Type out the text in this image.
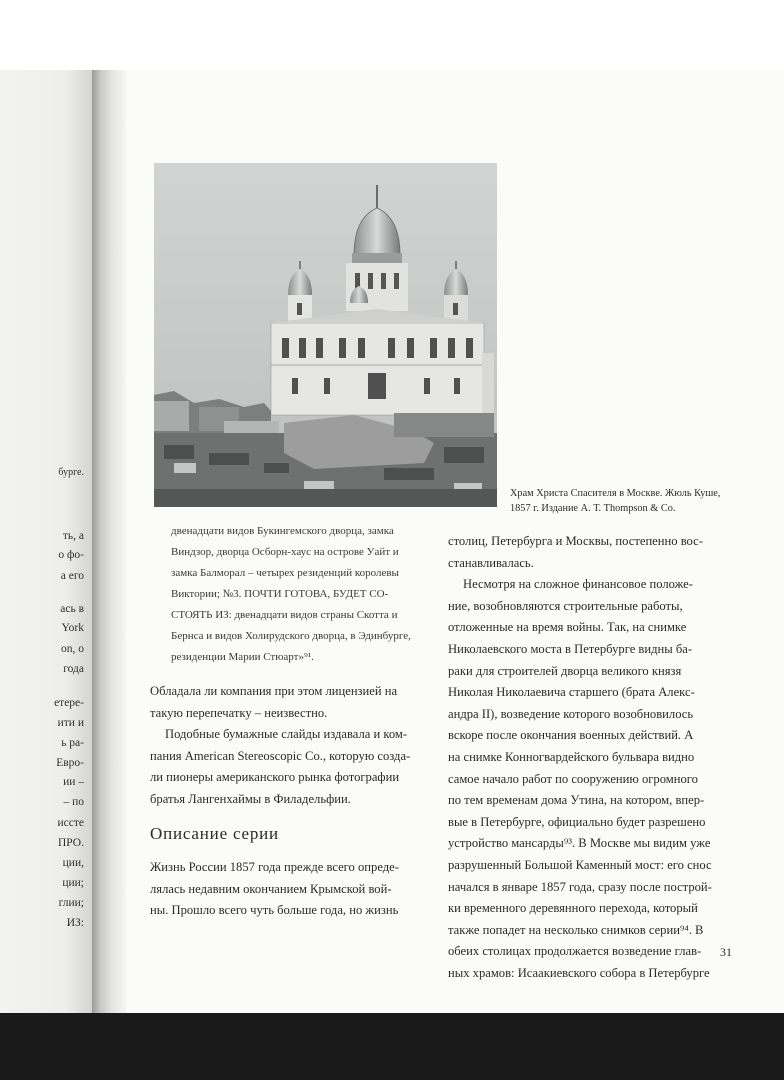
бурге.
ть, а
о фо-
а его
ась в
York
on, о
года
етере-
ити и
ь ра-
Евро-
ии –
– по
иссте
ПРО.
ции,
ции;
глии;
ИЗ:
Храм Христа Спасителя в Москве. Жюль Куше,
1857 г. Издание А. Т. Thompson & Co.
двенадцати видов Букингемского дворца, замка
Виндзор, дворца Осборн-хаус на острове Уайт и
замка Балморал – четырех резиденций королевы
Виктории; №3. ПОЧТИ ГОТОВА, БУДЕТ СО-
СТОЯТЬ ИЗ: двенадцати видов страны Скотта и
Бернса и видов Холирудского дворца, в Эдинбурге,
резиденции Марии Стюарт»⁹¹.
Обладала ли компания при этом лицензией на
такую перепечатку – неизвестно.
Подобные бумажные слайды издавала и ком-
пания American Stereoscopic Co., которую созда-
ли пионеры американского рынка фотографии
братья Лангенхаймы в Филадельфии.
Описание серии
Жизнь России 1857 года прежде всего опреде-
лялась недавним окончанием Крымской вой-
ны. Прошло всего чуть больше года, но жизнь
столиц, Петербурга и Москвы, постепенно вос-
станавливалась.
Несмотря на сложное финансовое положе-
ние, возобновляются строительные работы,
отложенные на время войны. Так, на снимке
Николаевского моста в Петербурге видны ба-
раки для строителей дворца великого князя
Николая Николаевича старшего (брата Алекс-
андра II), возведение которого возобновилось
вскоре после окончания военных действий. А
на снимке Конногвардейского бульвара видно
самое начало работ по сооружению огромного
по тем временам дома Утина, на котором, впер-
вые в Петербурге, официально будет разрешено
устройство мансарды⁹³. В Москве мы видим уже
разрушенный Большой Каменный мост: его снос
начался в январе 1857 года, сразу после построй-
ки временного деревянного перехода, который
также попадет на несколько снимков серии⁹⁴. В
обеих столицах продолжается возведение глав-
ных храмов: Исаакиевского собора в Петербурге
31
